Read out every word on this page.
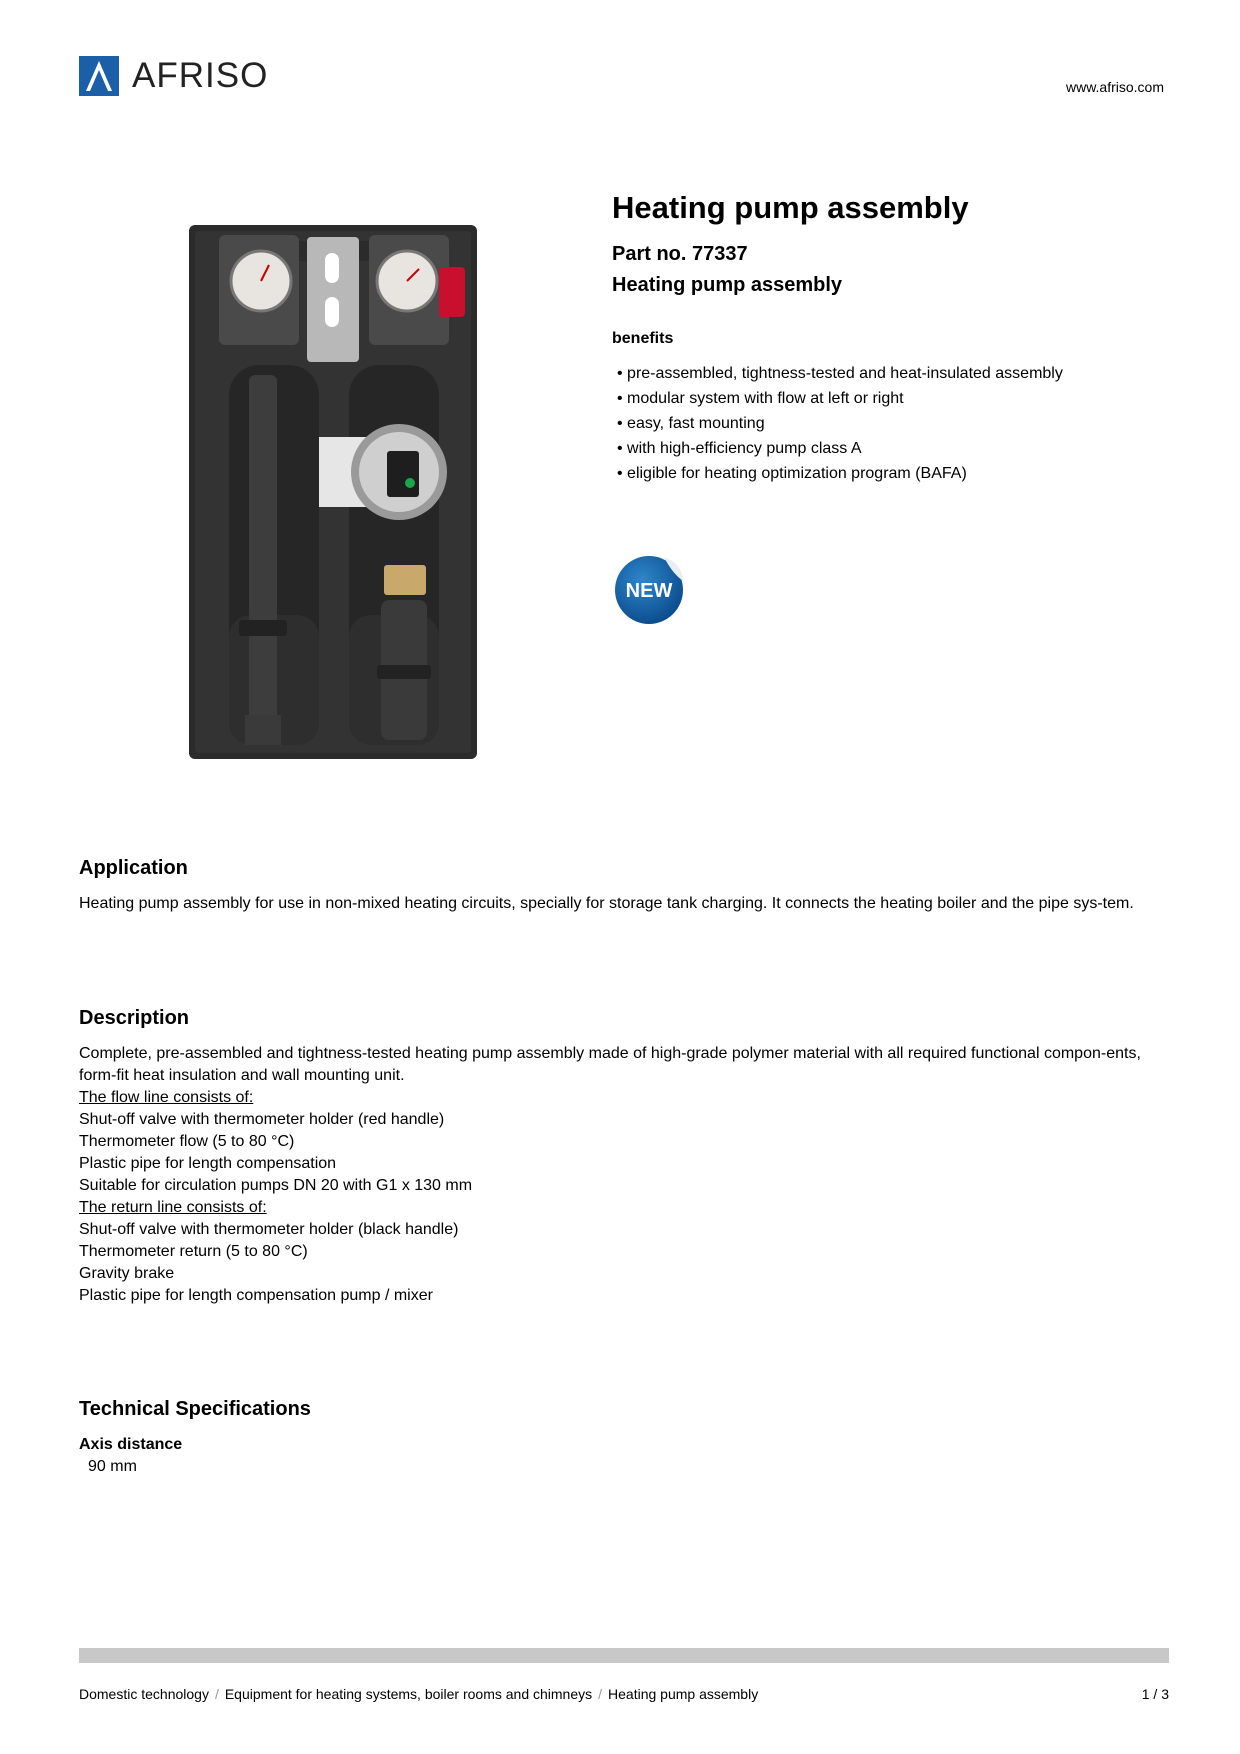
AFRISO	www.afriso.com
Heating pump assembly
Part no. 77337
Heating pump assembly
benefits
• pre-assembled, tightness-tested and heat-insulated assembly
• modular system with flow at left or right
• easy, fast mounting
• with high-efficiency pump class A
• eligible for heating optimization program (BAFA)
NEW
Application

Heating pump assembly for use in non-mixed heating circuits, specially for storage tank charging. It connects the heating boiler and the pipe sys-tem.

Description

Complete, pre-assembled and tightness-tested heating pump assembly made of high-grade polymer material with all required functional compon-ents, form-fit heat insulation and wall mounting unit.

The flow line consists of:
Shut-off valve with thermometer holder (red handle)
Thermometer flow (5 to 80 °C)
Plastic pipe for length compensation
Suitable for circulation pumps DN 20 with G1 x 130 mm
The return line consists of:
Shut-off valve with thermometer holder (black handle)
Thermometer return (5 to 80 °C)
Gravity brake
Plastic pipe for length compensation pump / mixer
Technical Specifications
Axis distance
90 mm
Domestic technology / Equipment for heating systems, boiler rooms and chimneys / Heating pump assembly	1 / 3
